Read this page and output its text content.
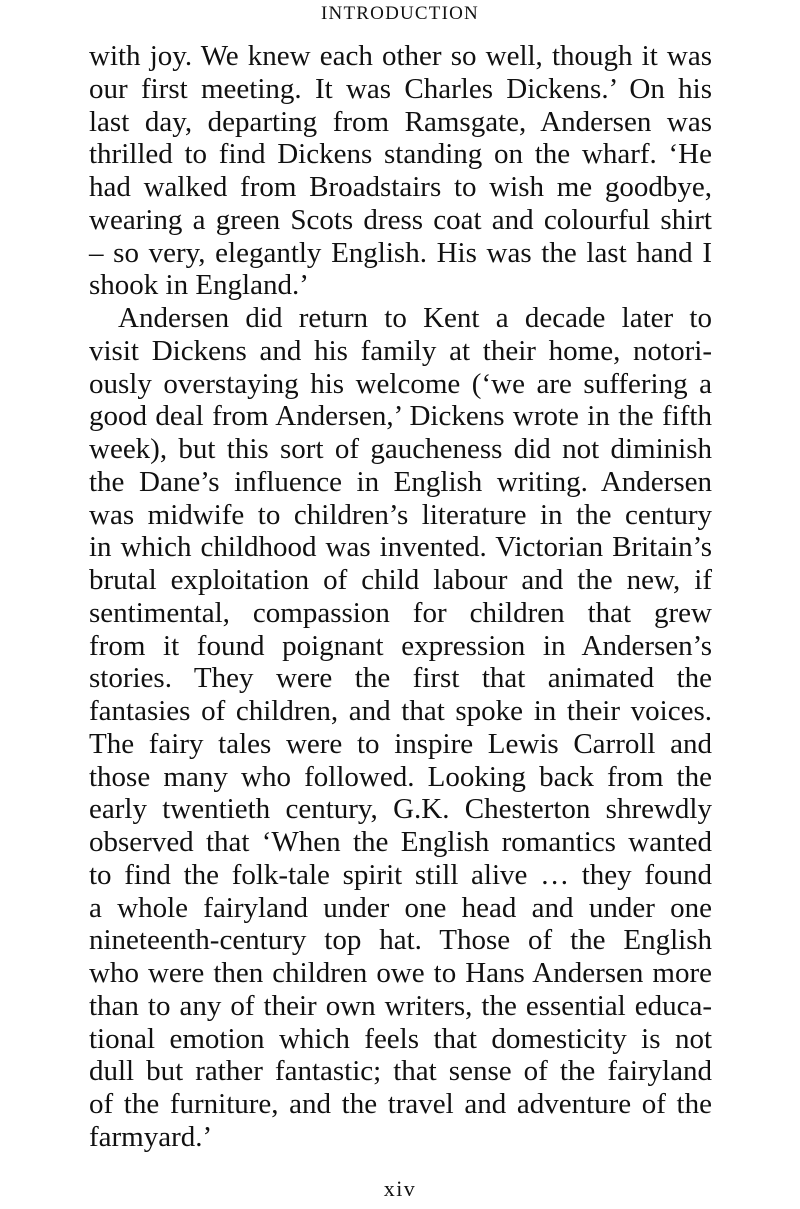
INTRODUCTION
with joy. We knew each other so well, though it was
our first meeting. It was Charles Dickens.’ On his
last day, departing from Ramsgate, Andersen was
thrilled to find Dickens standing on the wharf. ‘He
had walked from Broadstairs to wish me goodbye,
wearing a green Scots dress coat and colourful shirt
– so very, elegantly English. His was the last hand I
shook in England.’
Andersen did return to Kent a decade later to
visit Dickens and his family at their home, notori-
ously overstaying his welcome (‘we are suffering a
good deal from Andersen,’ Dickens wrote in the fifth
week), but this sort of gaucheness did not diminish
the Dane’s influence in English writing. Andersen
was midwife to children’s literature in the century
in which childhood was invented. Victorian Britain’s
brutal exploitation of child labour and the new, if
sentimental, compassion for children that grew
from it found poignant expression in Andersen’s
stories. They were the first that animated the
fantasies of children, and that spoke in their voices.
The fairy tales were to inspire Lewis Carroll and
those many who followed. Looking back from the
early twentieth century, G.K. Chesterton shrewdly
observed that ‘When the English romantics wanted
to find the folk-tale spirit still alive … they found
a whole fairyland under one head and under one
nineteenth-century top hat. Those of the English
who were then children owe to Hans Andersen more
than to any of their own writers, the essential educa-
tional emotion which feels that domesticity is not
dull but rather fantastic; that sense of the fairyland
of the furniture, and the travel and adventure of the
farmyard.’
xiv
